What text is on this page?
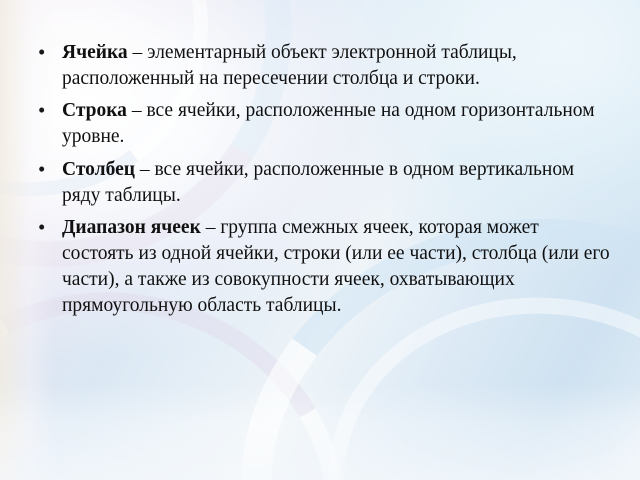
• Ячейка – элементарный объект электронной таблицы, расположенный на пересечении столбца и строки.
• Строка – все ячейки, расположенные на одном горизонтальном уровне.
• Столбец – все ячейки, расположенные в одном вертикальном ряду таблицы.
• Диапазон ячеек – группа смежных ячеек, которая может состоять из одной ячейки, строки (или ее части), столбца (или его части), а также из совокупности ячеек, охватывающих прямоугольную область таблицы.
